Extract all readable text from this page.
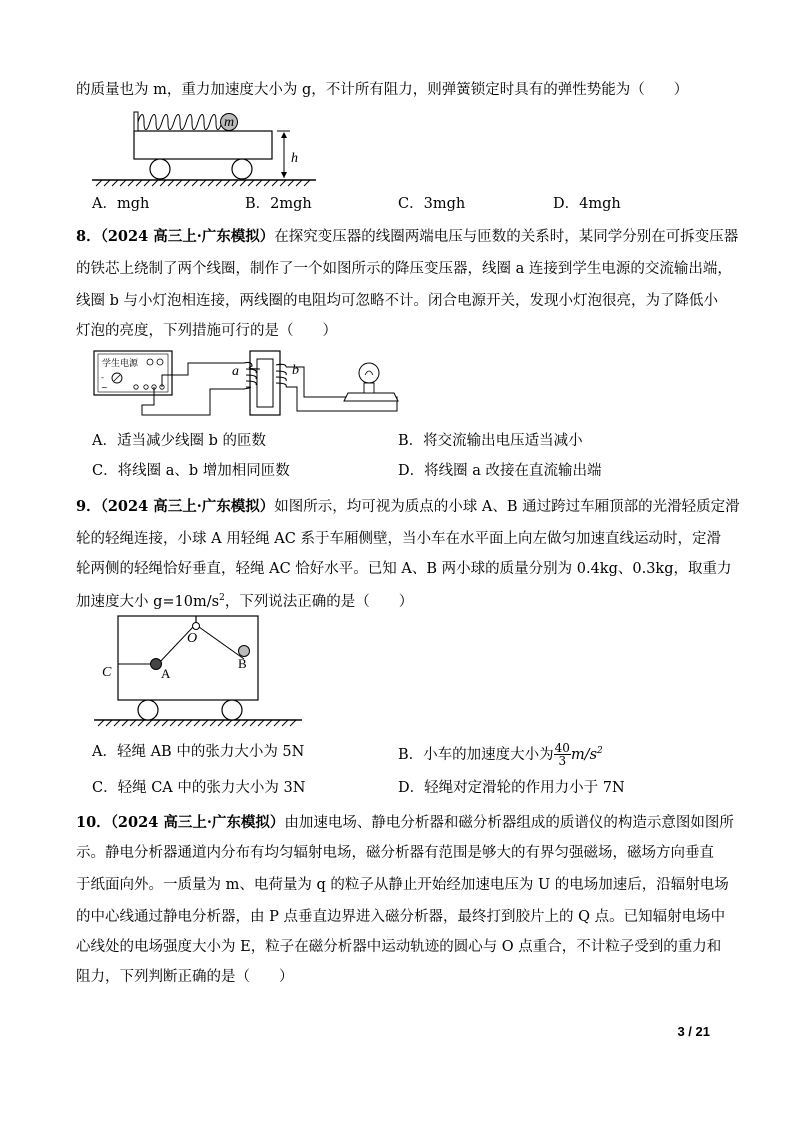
的质量也为 m，重力加速度大小为 g，不计所有阻力，则弹簧锁定时具有的弹性势能为（　　）
m
h
A．mgh	B．2mgh	C．3mgh	D．4mgh
8．（2024 高三上·广东模拟）在探究变压器的线圈两端电压与匝数的关系时，某同学分别在可拆变压器
的铁芯上绕制了两个线圈，制作了一个如图所示的降压变压器，线圈 a 连接到学生电源的交流输出端，
线圈 b 与小灯泡相连接，两线圈的电阻均可忽略不计。闭合电源开关，发现小灯泡很亮，为了降低小
灯泡的亮度，下列措施可行的是（　　）
学生电源
-
~
a	b
A．适当减少线圈 b 的匝数	B．将交流输出电压适当减小
C．将线圈 a、b 增加相同匝数	D．将线圈 a 改接在直流输出端
9．（2024 高三上·广东模拟）如图所示，均可视为质点的小球 A、B 通过跨过车厢顶部的光滑轻质定滑
轮的轻绳连接，小球 A 用轻绳 AC 系于车厢侧壁，当小车在水平面上向左做匀加速直线运动时，定滑
轮两侧的轻绳恰好垂直，轻绳 AC 恰好水平。已知 A、B 两小球的质量分别为 0.4kg、0.3kg，取重力
加速度大小 $g=10m/s^2$，下列说法正确的是（　　）
O
A
B
C
A．轻绳 AB 中的张力大小为 5N	B．小车的加速度大小为 $\frac{40}{3} m/s^2$
C．轻绳 CA 中的张力大小为 3N	D．轻绳对定滑轮的作用力小于 7N
10．（2024 高三上·广东模拟）由加速电场、静电分析器和磁分析器组成的质谱仪的构造示意图如图所
示。静电分析器通道内分布有均匀辐射电场，磁分析器有范围是够大的有界匀强磁场，磁场方向垂直
于纸面向外。一质量为 m、电荷量为 q 的粒子从静止开始经加速电压为 U 的电场加速后，沿辐射电场
的中心线通过静电分析器，由 P 点垂直边界进入磁分析器，最终打到胶片上的 Q 点。已知辐射电场中
心线处的电场强度大小为 E，粒子在磁分析器中运动轨迹的圆心与 O 点重合，不计粒子受到的重力和
阻力，下列判断正确的是（　　）
3 / 21
